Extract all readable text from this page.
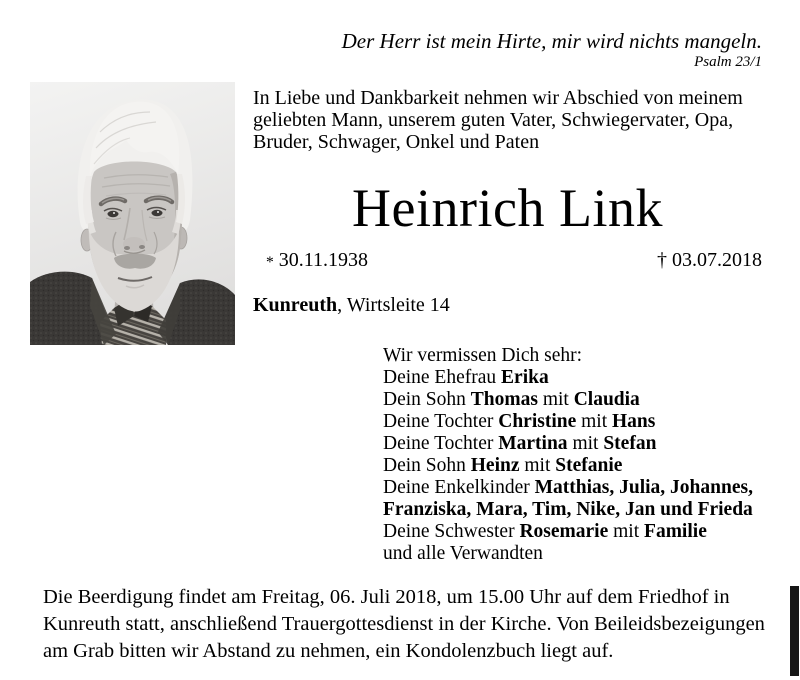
Der Herr ist mein Hirte, mir wird nichts mangeln.
Psalm 23/1
In Liebe und Dankbarkeit nehmen wir Abschied von meinem
geliebten Mann, unserem guten Vater, Schwiegervater, Opa,
Bruder, Schwager, Onkel und Paten
Heinrich Link
* 30.11.1938	† 03.07.2018
Kunreuth, Wirtsleite 14
Wir vermissen Dich sehr:
Deine Ehefrau Erika
Dein Sohn Thomas mit Claudia
Deine Tochter Christine mit Hans
Deine Tochter Martina mit Stefan
Dein Sohn Heinz mit Stefanie
Deine Enkelkinder Matthias, Julia, Johannes,
Franziska, Mara, Tim, Nike, Jan und Frieda
Deine Schwester Rosemarie mit Familie
und alle Verwandten
Die Beerdigung findet am Freitag, 06. Juli 2018, um 15.00 Uhr auf dem Friedhof in
Kunreuth statt, anschließend Trauergottesdienst in der Kirche. Von Beileidsbezeigungen
am Grab bitten wir Abstand zu nehmen, ein Kondolenzbuch liegt auf.
